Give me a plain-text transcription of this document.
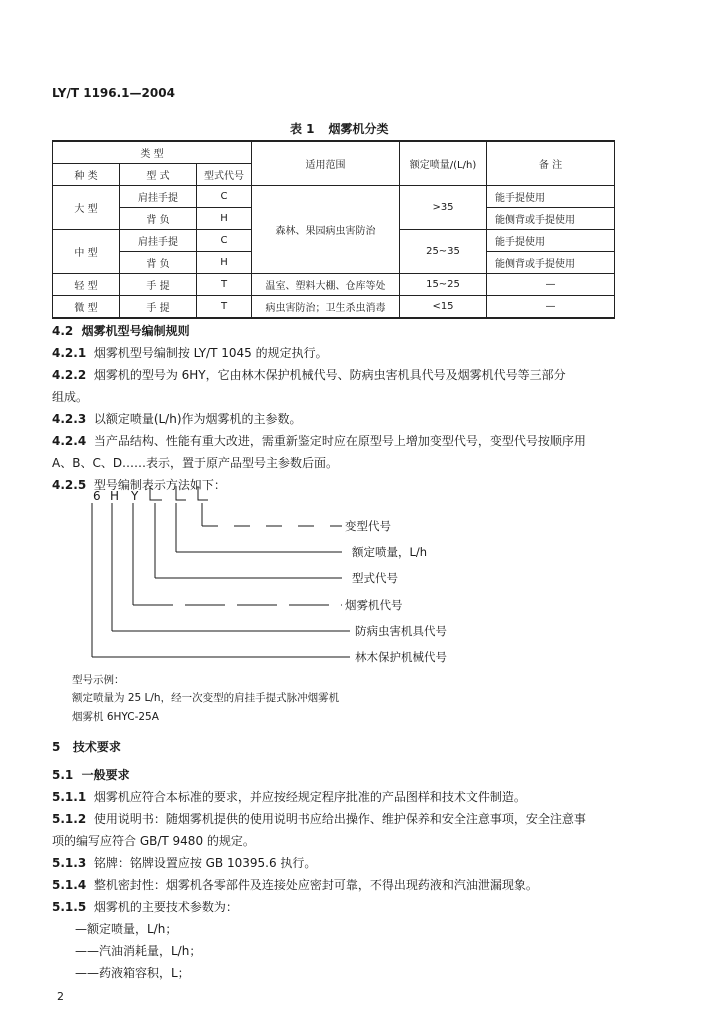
LY/T 1196.1—2004
表 1 烟雾机分类
类 型			适用范围	额定喷量/(L/h)	备 注
种 类	型 式	型式代号			
大 型	肩挂手提	C	森林、果园病虫害防治	>35	能手提使用
	背 负	H			能侧背或手提使用
中 型	肩挂手提	C		25~35	能手提使用
	背 负	H			能侧背或手提使用
轻 型	手 提	T	温室、塑料大棚、仓库等处	15~25	—
微 型	手 提	T	病虫害防治；卫生杀虫消毒	<15	—
4.2 烟雾机型号编制规则
4.2.1 烟雾机型号编制按 LY/T 1045 的规定执行。
4.2.2 烟雾机的型号为 6HY，它由林木保护机械代号、防病虫害机具代号及烟雾机代号等三部分
组成。
4.2.3 以额定喷量(L/h)作为烟雾机的主参数。
4.2.4 当产品结构、性能有重大改进，需重新鉴定时应在原型号上增加变型代号，变型代号按顺序用
A、B、C、D……表示，置于原产品型号主参数后面。
4.2.5 型号编制表示方法如下：
6 H Y
变型代号
额定喷量，L/h
型式代号
烟雾机代号
防病虫害机具代号
林木保护机械代号
型号示例：
额定喷量为 25 L/h，经一次变型的肩挂手提式脉冲烟雾机
烟雾机 6HYC-25A
5 技术要求
5.1 一般要求
5.1.1 烟雾机应符合本标准的要求，并应按经规定程序批准的产品图样和技术文件制造。
5.1.2 使用说明书：随烟雾机提供的使用说明书应给出操作、维护保养和安全注意事项，安全注意事
项的编写应符合 GB/T 9480 的规定。
5.1.3 铭牌：铭牌设置应按 GB 10395.6 执行。
5.1.4 整机密封性：烟雾机各零部件及连接处应密封可靠，不得出现药液和汽油泄漏现象。
5.1.5 烟雾机的主要技术参数为：
—额定喷量，L/h；
——汽油消耗量，L/h；
——药液箱容积，L；
2
